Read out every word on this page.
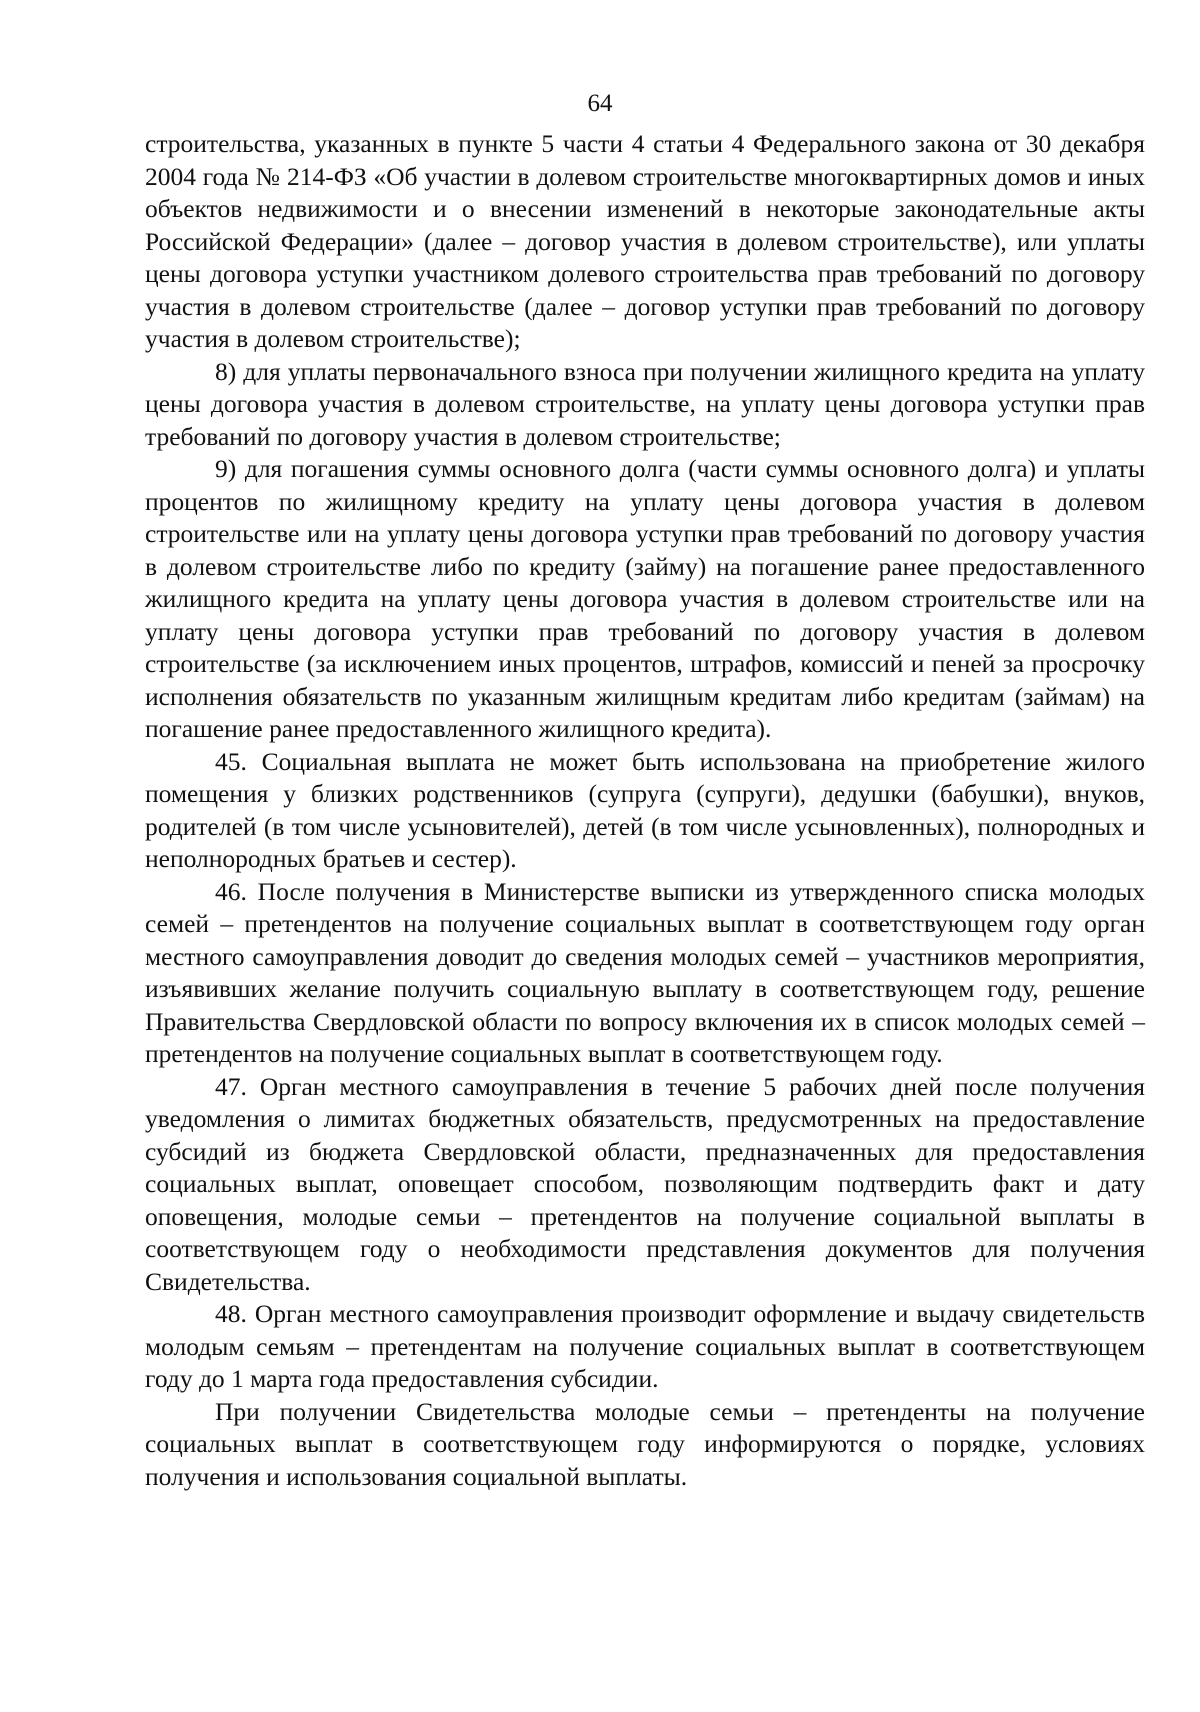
64

строительства, указанных в пункте 5 части 4 статьи 4 Федерального закона от 30 декабря 2004 года № 214-ФЗ «Об участии в долевом строительстве многоквартирных домов и иных объектов недвижимости и о внесении изменений в некоторые законодательные акты Российской Федерации» (далее – договор участия в долевом строительстве), или уплаты цены договора уступки участником долевого строительства прав требований по договору участия в долевом строительстве (далее – договор уступки прав требований по договору участия в долевом строительстве);

8) для уплаты первоначального взноса при получении жилищного кредита на уплату цены договора участия в долевом строительстве, на уплату цены договора уступки прав требований по договору участия в долевом строительстве;

9) для погашения суммы основного долга (части суммы основного долга) и уплаты процентов по жилищному кредиту на уплату цены договора участия в долевом строительстве или на уплату цены договора уступки прав требований по договору участия в долевом строительстве либо по кредиту (займу) на погашение ранее предоставленного жилищного кредита на уплату цены договора участия в долевом строительстве или на уплату цены договора уступки прав требований по договору участия в долевом строительстве (за исключением иных процентов, штрафов, комиссий и пеней за просрочку исполнения обязательств по указанным жилищным кредитам либо кредитам (займам) на погашение ранее предоставленного жилищного кредита).

45. Социальная выплата не может быть использована на приобретение жилого помещения у близких родственников (супруга (супруги), дедушки (бабушки), внуков, родителей (в том числе усыновителей), детей (в том числе усыновленных), полнородных и неполнородных братьев и сестер).

46. После получения в Министерстве выписки из утвержденного списка молодых семей – претендентов на получение социальных выплат в соответствующем году орган местного самоуправления доводит до сведения молодых семей – участников мероприятия, изъявивших желание получить социальную выплату в соответствующем году, решение Правительства Свердловской области по вопросу включения их в список молодых семей – претендентов на получение социальных выплат в соответствующем году.

47. Орган местного самоуправления в течение 5 рабочих дней после получения уведомления о лимитах бюджетных обязательств, предусмотренных на предоставление субсидий из бюджета Свердловской области, предназначенных для предоставления социальных выплат, оповещает способом, позволяющим подтвердить факт и дату оповещения, молодые семьи – претендентов на получение социальной выплаты в соответствующем году о необходимости представления документов для получения Свидетельства.

48. Орган местного самоуправления производит оформление и выдачу свидетельств молодым семьям – претендентам на получение социальных выплат в соответствующем году до 1 марта года предоставления субсидии.

При получении Свидетельства молодые семьи – претенденты на получение социальных выплат в соответствующем году информируются о порядке, условиях получения и использования социальной выплаты.
